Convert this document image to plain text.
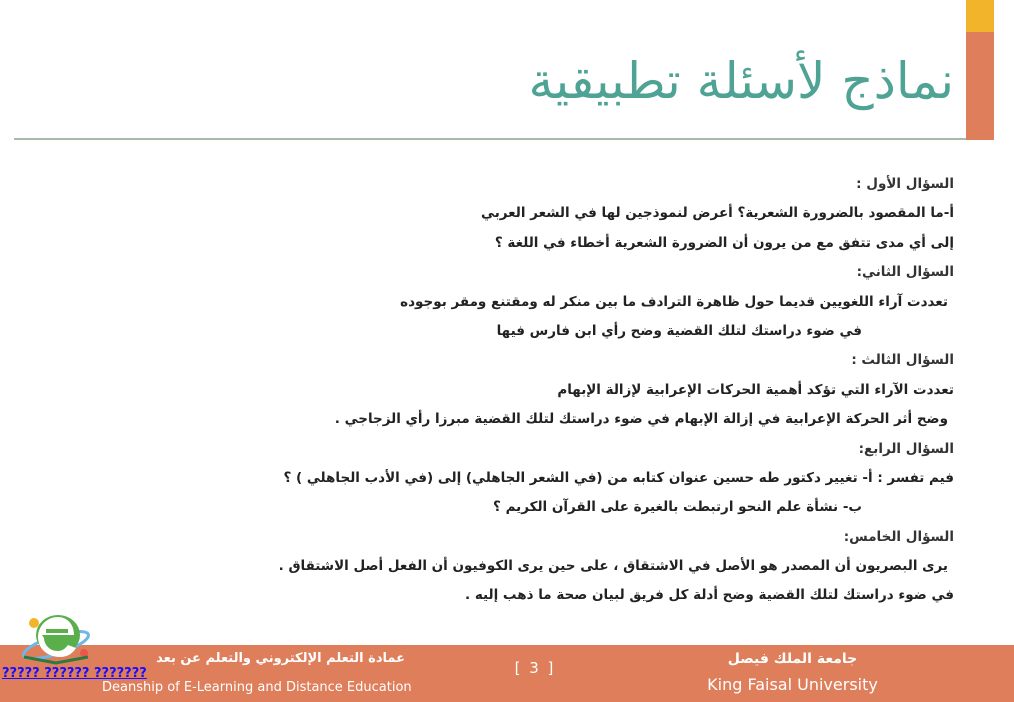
نماذج لأسئلة تطبيقية
السؤال الأول :
أ-ما المقصود بالضرورة الشعرية؟ أعرض لنموذجين لها في الشعر العربي
إلى أي مدى تتفق مع من يرون أن الضرورة الشعرية أخطاء في اللغة ؟
السؤال الثاني:
تعددت آراء اللغويين قديما حول ظاهرة الترادف ما بين منكر له ومقتنع ومقر بوجوده
في ضوء دراستك لتلك القضية وضح رأي ابن فارس فيها
السؤال الثالث :
تعددت الآراء التي تؤكد أهمية الحركات الإعرابية لإزالة الإبهام
وضح أثر الحركة الإعرابية في إزالة الإبهام في ضوء دراستك لتلك القضية مبرزا رأي الزجاجي .
السؤال الرابع:
فيم تفسر : أ- تغيير دكتور طه حسين عنوان كتابه من (في الشعر الجاهلي) إلى (في الأدب الجاهلي ) ؟
ب- نشأة علم النحو ارتبطت بالغيرة على القرآن الكريم ؟
السؤال الخامس:
يرى البصريون أن المصدر هو الأصل في الاشتقاق ، على حين يرى الكوفيون أن الفعل أصل الاشتقاق .
في ضوء دراستك لتلك القضية وضح أدلة كل فريق لبيان صحة ما ذهب إليه .
جامعة الملك فيصل
King Faisal University
[ 3 ]
عمادة التعلم الإلكتروني والتعلم عن بعد
Deanship of E-Learning and Distance Education
????? ?????? ???????
